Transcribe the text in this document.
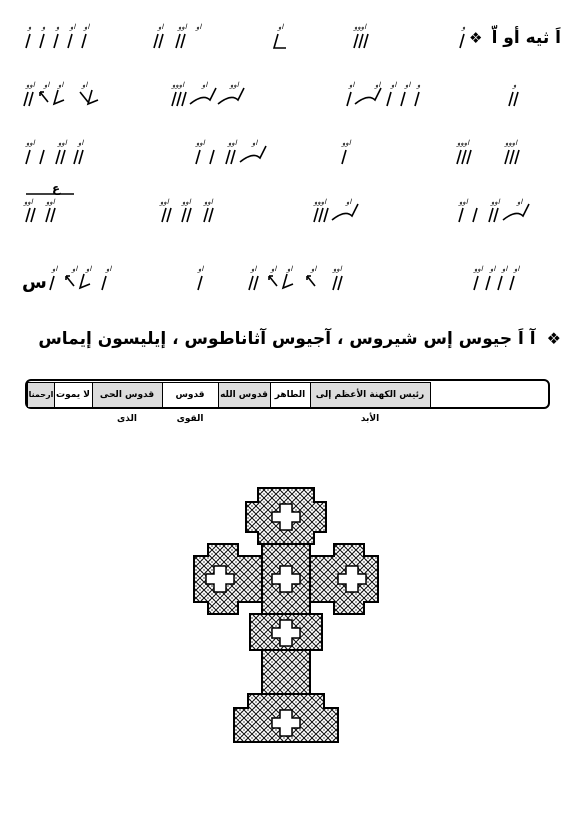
اَ ثيه أو اّ ❖
و و و او او	او اوو او	او	اووو	و
اوو او او	او	اووو	او	اوو	او	او او او و	و
اوو	اوو او	اوو	اوو او	اوو	اووو	اووو
اوو اوو
ع
اوو اوو اوو	اووو	او	اوو	اوو او
س
او او او او	او	او او او	او اوو	اوو او او او
❖ آ اَ جيوس إس شيروس ، آجيوس آثاناطوس ، إيليسون إيماس
رئيس الكهنة الأعظم إلى الأبد
الطاهر
قدوس الله
قدوس القوى
قدوس الحى الذى
لا يموت
ارحمنا
